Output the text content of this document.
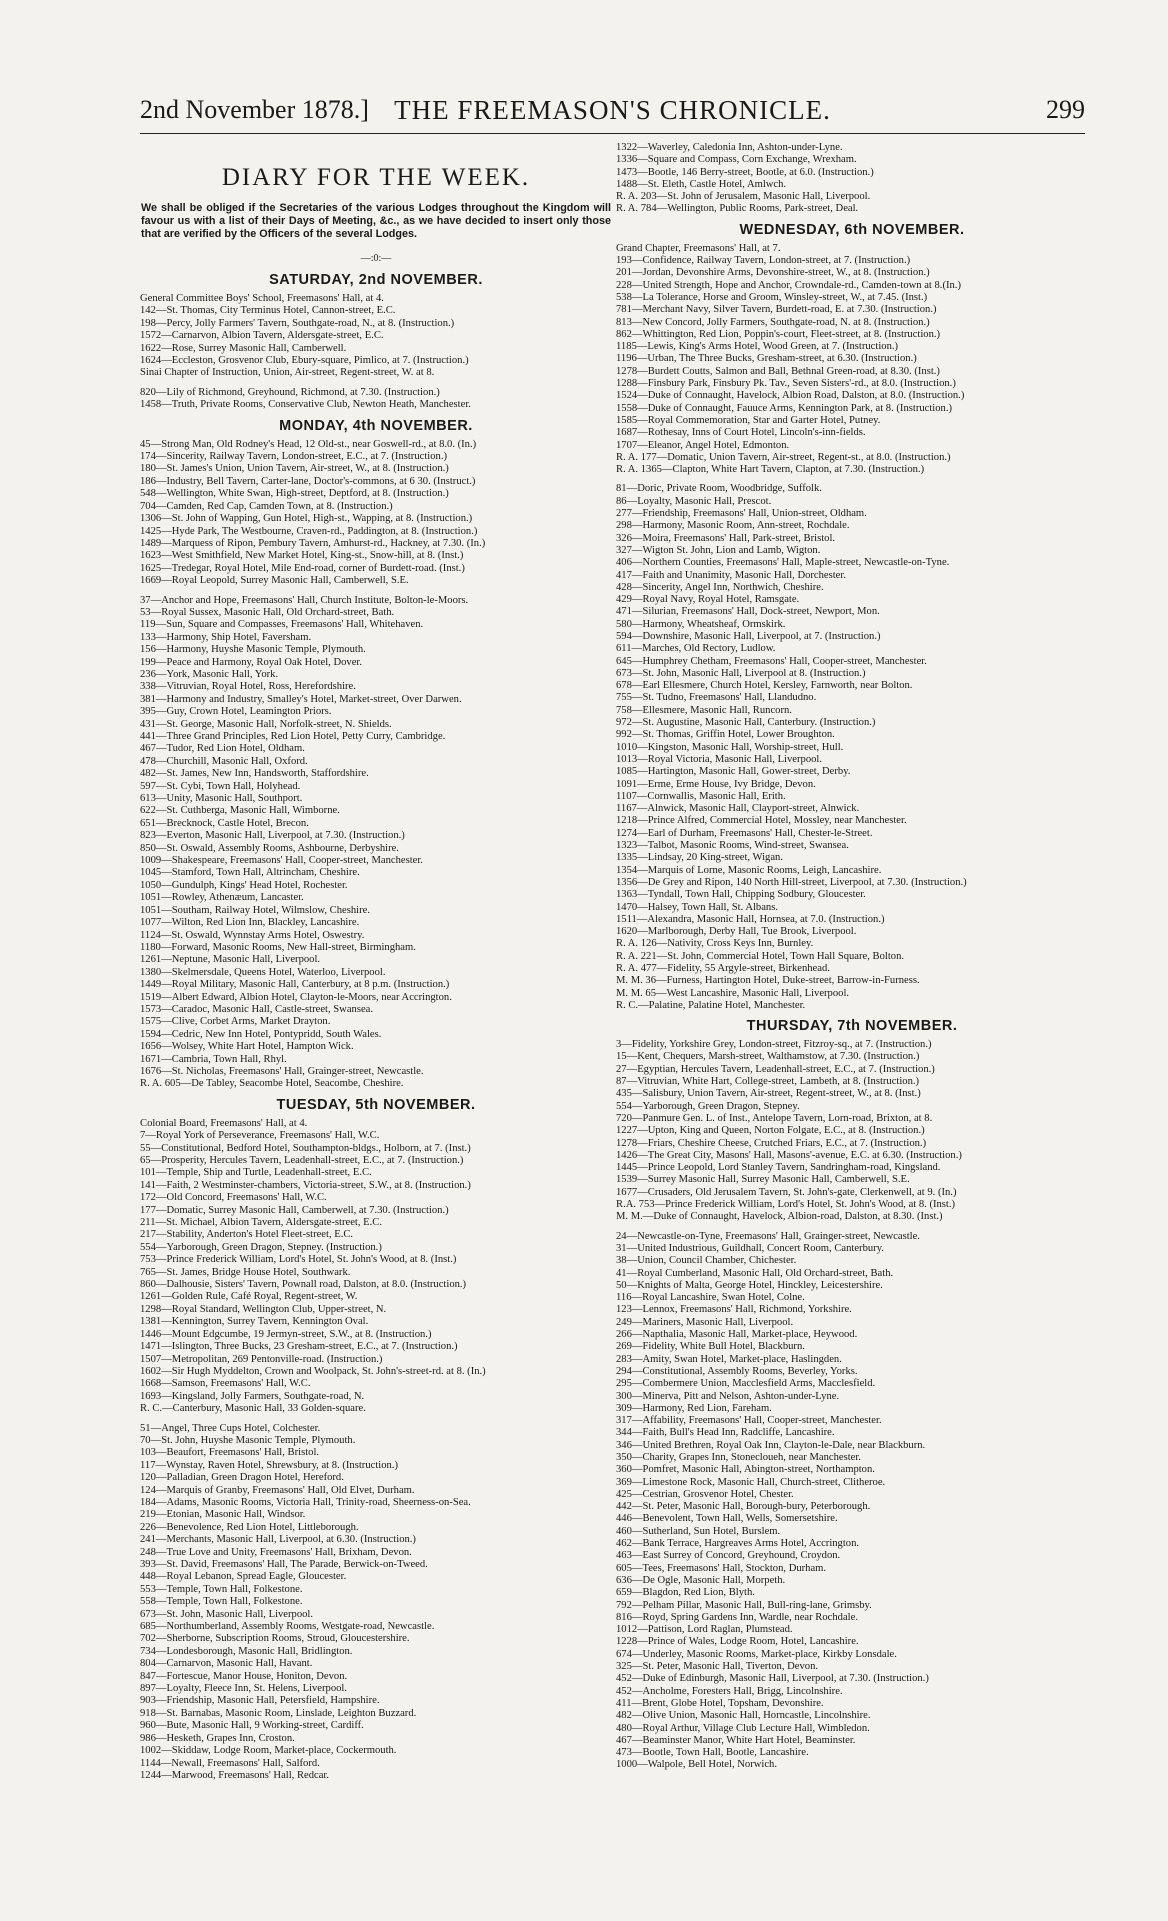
2nd November 1878.] THE FREEMASON'S CHRONICLE.	299
DIARY FOR THE WEEK.
We shall be obliged if the Secretaries of the various Lodges throughout the Kingdom will favour us with a list of their Days of Meeting, &c., as we have decided to insert only those that are verified by the Officers of the several Lodges.
—:0:—
SATURDAY, 2nd NOVEMBER.
General Committee Boys' School, Freemasons' Hall, at 4.
142—St. Thomas, City Terminus Hotel, Cannon-street, E.C.
198—Percy, Jolly Farmers' Tavern, Southgate-road, N., at 8. (Instruction.)
1572—Carnarvon, Albion Tavern, Aldersgate-street, E.C.
1622—Rose, Surrey Masonic Hall, Camberwell.
1624—Eccleston, Grosvenor Club, Ebury-square, Pimlico, at 7. (Instruction.)
Sinai Chapter of Instruction, Union, Air-street, Regent-street, W. at 8.
820—Lily of Richmond, Greyhound, Richmond, at 7.30. (Instruction.)
1458—Truth, Private Rooms, Conservative Club, Newton Heath, Manchester.
MONDAY, 4th NOVEMBER.
45—Strong Man, Old Rodney's Head, 12 Old-st., near Goswell-rd., at 8.0. (In.)
174—Sincerity, Railway Tavern, London-street, E.C., at 7. (Instruction.)
180—St. James's Union, Union Tavern, Air-street, W., at 8. (Instruction.)
186—Industry, Bell Tavern, Carter-lane, Doctor's-commons, at 6 30. (Instruct.)
548—Wellington, White Swan, High-street, Deptford, at 8. (Instruction.)
704—Camden, Red Cap, Camden Town, at 8. (Instruction.)
1306—St. John of Wapping, Gun Hotel, High-st., Wapping, at 8. (Instruction.)
1425—Hyde Park, The Westbourne, Craven-rd., Paddington, at 8. (Instruction.)
1489—Marquess of Ripon, Pembury Tavern, Amhurst-rd., Hackney, at 7.30. (In.)
1623—West Smithfield, New Market Hotel, King-st., Snow-hill, at 8. (Inst.)
1625—Tredegar, Royal Hotel, Mile End-road, corner of Burdett-road. (Inst.)
1669—Royal Leopold, Surrey Masonic Hall, Camberwell, S.E.
37—Anchor and Hope, Freemasons' Hall, Church Institute, Bolton-le-Moors.
53—Royal Sussex, Masonic Hall, Old Orchard-street, Bath.
119—Sun, Square and Compasses, Freemasons' Hall, Whitehaven.
133—Harmony, Ship Hotel, Faversham.
156—Harmony, Huyshe Masonic Temple, Plymouth.
199—Peace and Harmony, Royal Oak Hotel, Dover.
236—York, Masonic Hall, York.
338—Vitruvian, Royal Hotel, Ross, Herefordshire.
381—Harmony and Industry, Smalley's Hotel, Market-street, Over Darwen.
395—Guy, Crown Hotel, Leamington Priors.
431—St. George, Masonic Hall, Norfolk-street, N. Shields.
441—Three Grand Principles, Red Lion Hotel, Petty Curry, Cambridge.
467—Tudor, Red Lion Hotel, Oldham.
478—Churchill, Masonic Hall, Oxford.
482—St. James, New Inn, Handsworth, Staffordshire.
597—St. Cybi, Town Hall, Holyhead.
613—Unity, Masonic Hall, Southport.
622—St. Cuthberga, Masonic Hall, Wimborne.
651—Brecknock, Castle Hotel, Brecon.
823—Everton, Masonic Hall, Liverpool, at 7.30. (Instruction.)
850—St. Oswald, Assembly Rooms, Ashbourne, Derbyshire.
1009—Shakespeare, Freemasons' Hall, Cooper-street, Manchester.
1045—Stamford, Town Hall, Altrincham, Cheshire.
1050—Gundulph, Kings' Head Hotel, Rochester.
1051—Rowley, Athenæum, Lancaster.
1051—Southam, Railway Hotel, Wilmslow, Cheshire.
1077—Wilton, Red Lion Inn, Blackley, Lancashire.
1124—St. Oswald, Wynnstay Arms Hotel, Oswestry.
1180—Forward, Masonic Rooms, New Hall-street, Birmingham.
1261—Neptune, Masonic Hall, Liverpool.
1380—Skelmersdale, Queens Hotel, Waterloo, Liverpool.
1449—Royal Military, Masonic Hall, Canterbury, at 8 p.m. (Instruction.)
1519—Albert Edward, Albion Hotel, Clayton-le-Moors, near Accrington.
1573—Caradoc, Masonic Hall, Castle-street, Swansea.
1575—Clive, Corbet Arms, Market Drayton.
1594—Cedric, New Inn Hotel, Pontypridd, South Wales.
1656—Wolsey, White Hart Hotel, Hampton Wick.
1671—Cambria, Town Hall, Rhyl.
1676—St. Nicholas, Freemasons' Hall, Grainger-street, Newcastle.
R. A. 605—De Tabley, Seacombe Hotel, Seacombe, Cheshire.
TUESDAY, 5th NOVEMBER.
Colonial Board, Freemasons' Hall, at 4.
7—Royal York of Perseverance, Freemasons' Hall, W.C.
55—Constitutional, Bedford Hotel, Southampton-bldgs., Holborn, at 7. (Inst.)
65—Prosperity, Hercules Tavern, Leadenhall-street, E.C., at 7. (Instruction.)
101—Temple, Ship and Turtle, Leadenhall-street, E.C.
141—Faith, 2 Westminster-chambers, Victoria-street, S.W., at 8. (Instruction.)
172—Old Concord, Freemasons' Hall, W.C.
177—Domatic, Surrey Masonic Hall, Camberwell, at 7.30. (Instruction.)
211—St. Michael, Albion Tavern, Aldersgate-street, E.C.
217—Stability, Anderton's Hotel Fleet-street, E.C.
554—Yarborough, Green Dragon, Stepney. (Instruction.)
753—Prince Frederick William, Lord's Hotel, St. John's Wood, at 8. (Inst.)
765—St. James, Bridge House Hotel, Southwark.
860—Dalhousie, Sisters' Tavern, Pownall road, Dalston, at 8.0. (Instruction.)
1261—Golden Rule, Café Royal, Regent-street, W.
1298—Royal Standard, Wellington Club, Upper-street, N.
1381—Kennington, Surrey Tavern, Kennington Oval.
1446—Mount Edgcumbe, 19 Jermyn-street, S.W., at 8. (Instruction.)
1471—Islington, Three Bucks, 23 Gresham-street, E.C., at 7. (Instruction.)
1507—Metropolitan, 269 Pentonville-road. (Instruction.)
1602—Sir Hugh Myddelton, Crown and Woolpack, St. John's-street-rd. at 8. (In.)
1668—Samson, Freemasons' Hall, W.C.
1693—Kingsland, Jolly Farmers, Southgate-road, N.
R. C.—Canterbury, Masonic Hall, 33 Golden-square.
51—Angel, Three Cups Hotel, Colchester.
70—St. John, Huyshe Masonic Temple, Plymouth.
103—Beaufort, Freemasons' Hall, Bristol.
117—Wynstay, Raven Hotel, Shrewsbury, at 8. (Instruction.)
120—Palladian, Green Dragon Hotel, Hereford.
124—Marquis of Granby, Freemasons' Hall, Old Elvet, Durham.
184—Adams, Masonic Rooms, Victoria Hall, Trinity-road, Sheerness-on-Sea.
219—Etonian, Masonic Hall, Windsor.
226—Benevolence, Red Lion Hotel, Littleborough.
241—Merchants, Masonic Hall, Liverpool, at 6.30. (Instruction.)
248—True Love and Unity, Freemasons' Hall, Brixham, Devon.
393—St. David, Freemasons' Hall, The Parade, Berwick-on-Tweed.
448—Royal Lebanon, Spread Eagle, Gloucester.
553—Temple, Town Hall, Folkestone.
558—Temple, Town Hall, Folkestone.
673—St. John, Masonic Hall, Liverpool.
685—Northumberland, Assembly Rooms, Westgate-road, Newcastle.
702—Sherborne, Subscription Rooms, Stroud, Gloucestershire.
734—Londesborough, Masonic Hall, Bridlington.
804—Carnarvon, Masonic Hall, Havant.
847—Fortescue, Manor House, Honiton, Devon.
897—Loyalty, Fleece Inn, St. Helens, Liverpool.
903—Friendship, Masonic Hall, Petersfield, Hampshire.
918—St. Barnabas, Masonic Room, Linslade, Leighton Buzzard.
960—Bute, Masonic Hall, 9 Working-street, Cardiff.
986—Hesketh, Grapes Inn, Croston.
1002—Skiddaw, Lodge Room, Market-place, Cockermouth.
1144—Newall, Freemasons' Hall, Salford.
1244—Marwood, Freemasons' Hall, Redcar.
1322—Waverley, Caledonia Inn, Ashton-under-Lyne.
1336—Square and Compass, Corn Exchange, Wrexham.
1473—Bootle, 146 Berry-street, Bootle, at 6.0. (Instruction.)
1488—St. Eleth, Castle Hotel, Amlwch.
R. A. 203—St. John of Jerusalem, Masonic Hall, Liverpool.
R. A. 784—Wellington, Public Rooms, Park-street, Deal.
WEDNESDAY, 6th NOVEMBER.
Grand Chapter, Freemasons' Hall, at 7.
193—Confidence, Railway Tavern, London-street, at 7. (Instruction.)
201—Jordan, Devonshire Arms, Devonshire-street, W., at 8. (Instruction.)
228—United Strength, Hope and Anchor, Crowndale-rd., Camden-town at 8.(In.)
538—La Tolerance, Horse and Groom, Winsley-street, W., at 7.45. (Inst.)
781—Merchant Navy, Silver Tavern, Burdett-road, E. at 7.30. (Instruction.)
813—New Concord, Jolly Farmers, Southgate-road, N. at 8. (Instruction.)
862—Whittington, Red Lion, Poppin's-court, Fleet-street, at 8. (Instruction.)
1185—Lewis, King's Arms Hotel, Wood Green, at 7. (Instruction.)
1196—Urban, The Three Bucks, Gresham-street, at 6.30. (Instruction.)
1278—Burdett Coutts, Salmon and Ball, Bethnal Green-road, at 8.30. (Inst.)
1288—Finsbury Park, Finsbury Pk. Tav., Seven Sisters'-rd., at 8.0. (Instruction.)
1524—Duke of Connaught, Havelock, Albion Road, Dalston, at 8.0. (Instruction.)
1558—Duke of Connaught, Fauuce Arms, Kennington Park, at 8. (Instruction.)
1585—Royal Commemoration, Star and Garter Hotel, Putney.
1687—Rothesay, Inns of Court Hotel, Lincoln's-inn-fields.
1707—Eleanor, Angel Hotel, Edmonton.
R. A. 177—Domatic, Union Tavern, Air-street, Regent-st., at 8.0. (Instruction.)
R. A. 1365—Clapton, White Hart Tavern, Clapton, at 7.30. (Instruction.)
81—Doric, Private Room, Woodbridge, Suffolk.
86—Loyalty, Masonic Hall, Prescot.
277—Friendship, Freemasons' Hall, Union-street, Oldham.
298—Harmony, Masonic Room, Ann-street, Rochdale.
326—Moira, Freemasons' Hall, Park-street, Bristol.
327—Wigton St. John, Lion and Lamb, Wigton.
406—Northern Counties, Freemasons' Hall, Maple-street, Newcastle-on-Tyne.
417—Faith and Unanimity, Masonic Hall, Dorchester.
428—Sincerity, Angel Inn, Northwich, Cheshire.
429—Royal Navy, Royal Hotel, Ramsgate.
471—Silurian, Freemasons' Hall, Dock-street, Newport, Mon.
580—Harmony, Wheatsheaf, Ormskirk.
594—Downshire, Masonic Hall, Liverpool, at 7. (Instruction.)
611—Marches, Old Rectory, Ludlow.
645—Humphrey Chetham, Freemasons' Hall, Cooper-street, Manchester.
673—St. John, Masonic Hall, Liverpool at 8. (Instruction.)
678—Earl Ellesmere, Church Hotel, Kersley, Farnworth, near Bolton.
755—St. Tudno, Freemasons' Hall, Llandudno.
758—Ellesmere, Masonic Hall, Runcorn.
972—St. Augustine, Masonic Hall, Canterbury. (Instruction.)
992—St. Thomas, Griffin Hotel, Lower Broughton.
1010—Kingston, Masonic Hall, Worship-street, Hull.
1013—Royal Victoria, Masonic Hall, Liverpool.
1085—Hartington, Masonic Hall, Gower-street, Derby.
1091—Erme, Erme House, Ivy Bridge, Devon.
1107—Cornwallis, Masonic Hall, Erith.
1167—Alnwick, Masonic Hall, Clayport-street, Alnwick.
1218—Prince Alfred, Commercial Hotel, Mossley, near Manchester.
1274—Earl of Durham, Freemasons' Hall, Chester-le-Street.
1323—Talbot, Masonic Rooms, Wind-street, Swansea.
1335—Lindsay, 20 King-street, Wigan.
1354—Marquis of Lorne, Masonic Rooms, Leigh, Lancashire.
1356—De Grey and Ripon, 140 North Hill-street, Liverpool, at 7.30. (Instruction.)
1363—Tyndall, Town Hall, Chipping Sodbury, Gloucester.
1470—Halsey, Town Hall, St. Albans.
1511—Alexandra, Masonic Hall, Hornsea, at 7.0. (Instruction.)
1620—Marlborough, Derby Hall, Tue Brook, Liverpool.
R. A. 126—Nativity, Cross Keys Inn, Burnley.
R. A. 221—St. John, Commercial Hotel, Town Hall Square, Bolton.
R. A. 477—Fidelity, 55 Argyle-street, Birkenhead.
M. M. 36—Furness, Hartington Hotel, Duke-street, Barrow-in-Furness.
M. M. 65—West Lancashire, Masonic Hall, Liverpool.
R. C.—Palatine, Palatine Hotel, Manchester.
THURSDAY, 7th NOVEMBER.
3—Fidelity, Yorkshire Grey, London-street, Fitzroy-sq., at 7. (Instruction.)
15—Kent, Chequers, Marsh-street, Walthamstow, at 7.30. (Instruction.)
27—Egyptian, Hercules Tavern, Leadenhall-street, E.C., at 7. (Instruction.)
87—Vitruvian, White Hart, College-street, Lambeth, at 8. (Instruction.)
435—Salisbury, Union Tavern, Air-street, Regent-street, W., at 8. (Inst.)
554—Yarborough, Green Dragon, Stepney.
720—Panmure Gen. L. of Inst., Antelope Tavern, Lorn-road, Brixton, at 8.
1227—Upton, King and Queen, Norton Folgate, E.C., at 8. (Instruction.)
1278—Friars, Cheshire Cheese, Crutched Friars, E.C., at 7. (Instruction.)
1426—The Great City, Masons' Hall, Masons'-avenue, E.C. at 6.30. (Instruction.)
1445—Prince Leopold, Lord Stanley Tavern, Sandringham-road, Kingsland.
1539—Surrey Masonic Hall, Surrey Masonic Hall, Camberwell, S.E.
1677—Crusaders, Old Jerusalem Tavern, St. John's-gate, Clerkenwell, at 9. (In.)
R.A. 753—Prince Frederick William, Lord's Hotel, St. John's Wood, at 8. (Inst.)
M. M.—Duke of Connaught, Havelock, Albion-road, Dalston, at 8.30. (Inst.)
24—Newcastle-on-Tyne, Freemasons' Hall, Grainger-street, Newcastle.
31—United Industrious, Guildhall, Concert Room, Canterbury.
38—Union, Council Chamber, Chichester.
41—Royal Cumberland, Masonic Hall, Old Orchard-street, Bath.
50—Knights of Malta, George Hotel, Hinckley, Leicestershire.
116—Royal Lancashire, Swan Hotel, Colne.
123—Lennox, Freemasons' Hall, Richmond, Yorkshire.
249—Mariners, Masonic Hall, Liverpool.
266—Napthalia, Masonic Hall, Market-place, Heywood.
269—Fidelity, White Bull Hotel, Blackburn.
283—Amity, Swan Hotel, Market-place, Haslingden.
294—Constitutional, Assembly Rooms, Beverley, Yorks.
295—Combermere Union, Macclesfield Arms, Macclesfield.
300—Minerva, Pitt and Nelson, Ashton-under-Lyne.
309—Harmony, Red Lion, Fareham.
317—Affability, Freemasons' Hall, Cooper-street, Manchester.
344—Faith, Bull's Head Inn, Radcliffe, Lancashire.
346—United Brethren, Royal Oak Inn, Clayton-le-Dale, near Blackburn.
350—Charity, Grapes Inn, Stonecloueh, near Manchester.
360—Pomfret, Masonic Hall, Abington-street, Northampton.
369—Limestone Rock, Masonic Hall, Church-street, Clitheroe.
425—Cestrian, Grosvenor Hotel, Chester.
442—St. Peter, Masonic Hall, Borough-bury, Peterborough.
446—Benevolent, Town Hall, Wells, Somersetshire.
460—Sutherland, Sun Hotel, Burslem.
462—Bank Terrace, Hargreaves Arms Hotel, Accrington.
463—East Surrey of Concord, Greyhound, Croydon.
605—Tees, Freemasons' Hall, Stockton, Durham.
636—De Ogle, Masonic Hall, Morpeth.
659—Blagdon, Red Lion, Blyth.
792—Pelham Pillar, Masonic Hall, Bull-ring-lane, Grimsby.
816—Royd, Spring Gardens Inn, Wardle, near Rochdale.
1012—Pattison, Lord Raglan, Plumstead.
1228—Prince of Wales, Lodge Room, Hotel, Lancashire.
674—Underley, Masonic Rooms, Market-place, Kirkby Lonsdale.
325—St. Peter, Masonic Hall, Tiverton, Devon.
452—Duke of Edinburgh, Masonic Hall, Liverpool, at 7.30. (Instruction.)
452—Ancholme, Foresters Hall, Brigg, Lincolnshire.
411—Brent, Globe Hotel, Topsham, Devonshire.
482—Olive Union, Masonic Hall, Horncastle, Lincolnshire.
480—Royal Arthur, Village Club Lecture Hall, Wimbledon.
467—Beaminster Manor, White Hart Hotel, Beaminster.
473—Bootle, Town Hall, Bootle, Lancashire.
1000—Walpole, Bell Hotel, Norwich.
